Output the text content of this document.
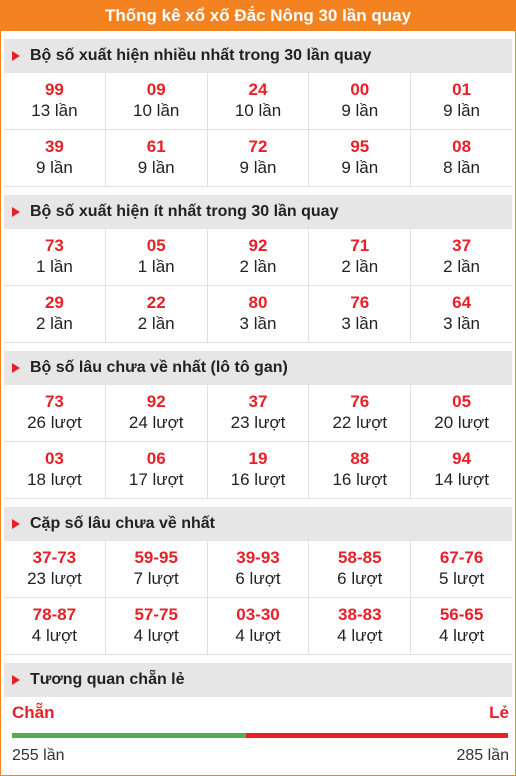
Thống kê xổ xố Đắc Nông 30 lần quay
Bộ số xuất hiện nhiều nhất trong 30 lần quay
99
13 lần
09
10 lần
24
10 lần
00
9 lần
01
9 lần
39
9 lần
61
9 lần
72
9 lần
95
9 lần
08
8 lần
Bộ số xuất hiện ít nhất trong 30 lần quay
73
1 lần
05
1 lần
92
2 lần
71
2 lần
37
2 lần
29
2 lần
22
2 lần
80
3 lần
76
3 lần
64
3 lần
Bộ số lâu chưa về nhất (lô tô gan)
73
26 lượt
92
24 lượt
37
23 lượt
76
22 lượt
05
20 lượt
03
18 lượt
06
17 lượt
19
16 lượt
88
16 lượt
94
14 lượt
Cặp số lâu chưa về nhất
37-73
23 lượt
59-95
7 lượt
39-93
6 lượt
58-85
6 lượt
67-76
5 lượt
78-87
4 lượt
57-75
4 lượt
03-30
4 lượt
38-83
4 lượt
56-65
4 lượt
Tương quan chẵn lẻ
Chẵn	Lẻ
255 lần	285 lần
